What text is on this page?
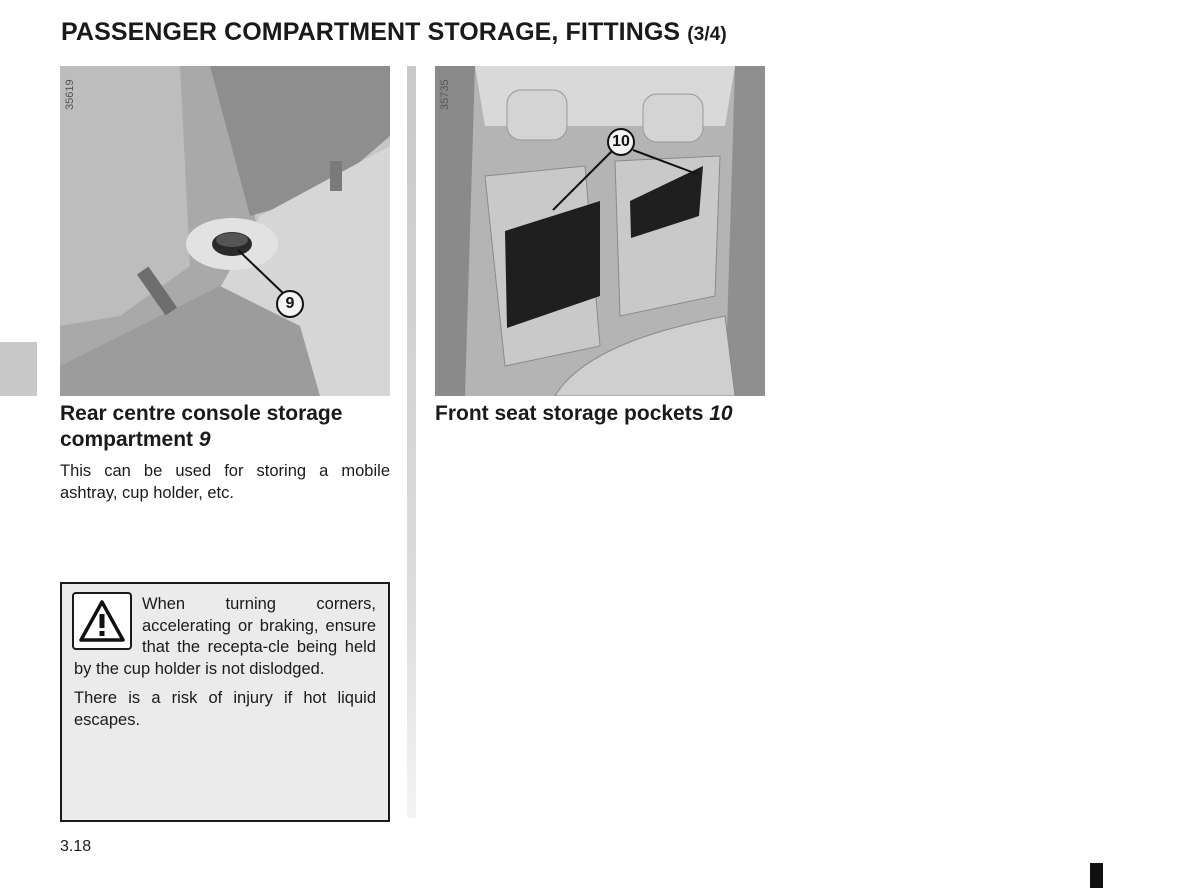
PASSENGER COMPARTMENT STORAGE, FITTINGS (3/4)
35619
9
35735
10
Rear centre console storage compartment 9

This can be used for storing a mobile ashtray, cup holder, etc.

Front seat storage pockets 10

When turning corners, accelerating or braking, ensure that the recepta-cle being held by the cup holder is not dislodged.

There is a risk of injury if hot liquid escapes.

3.18
